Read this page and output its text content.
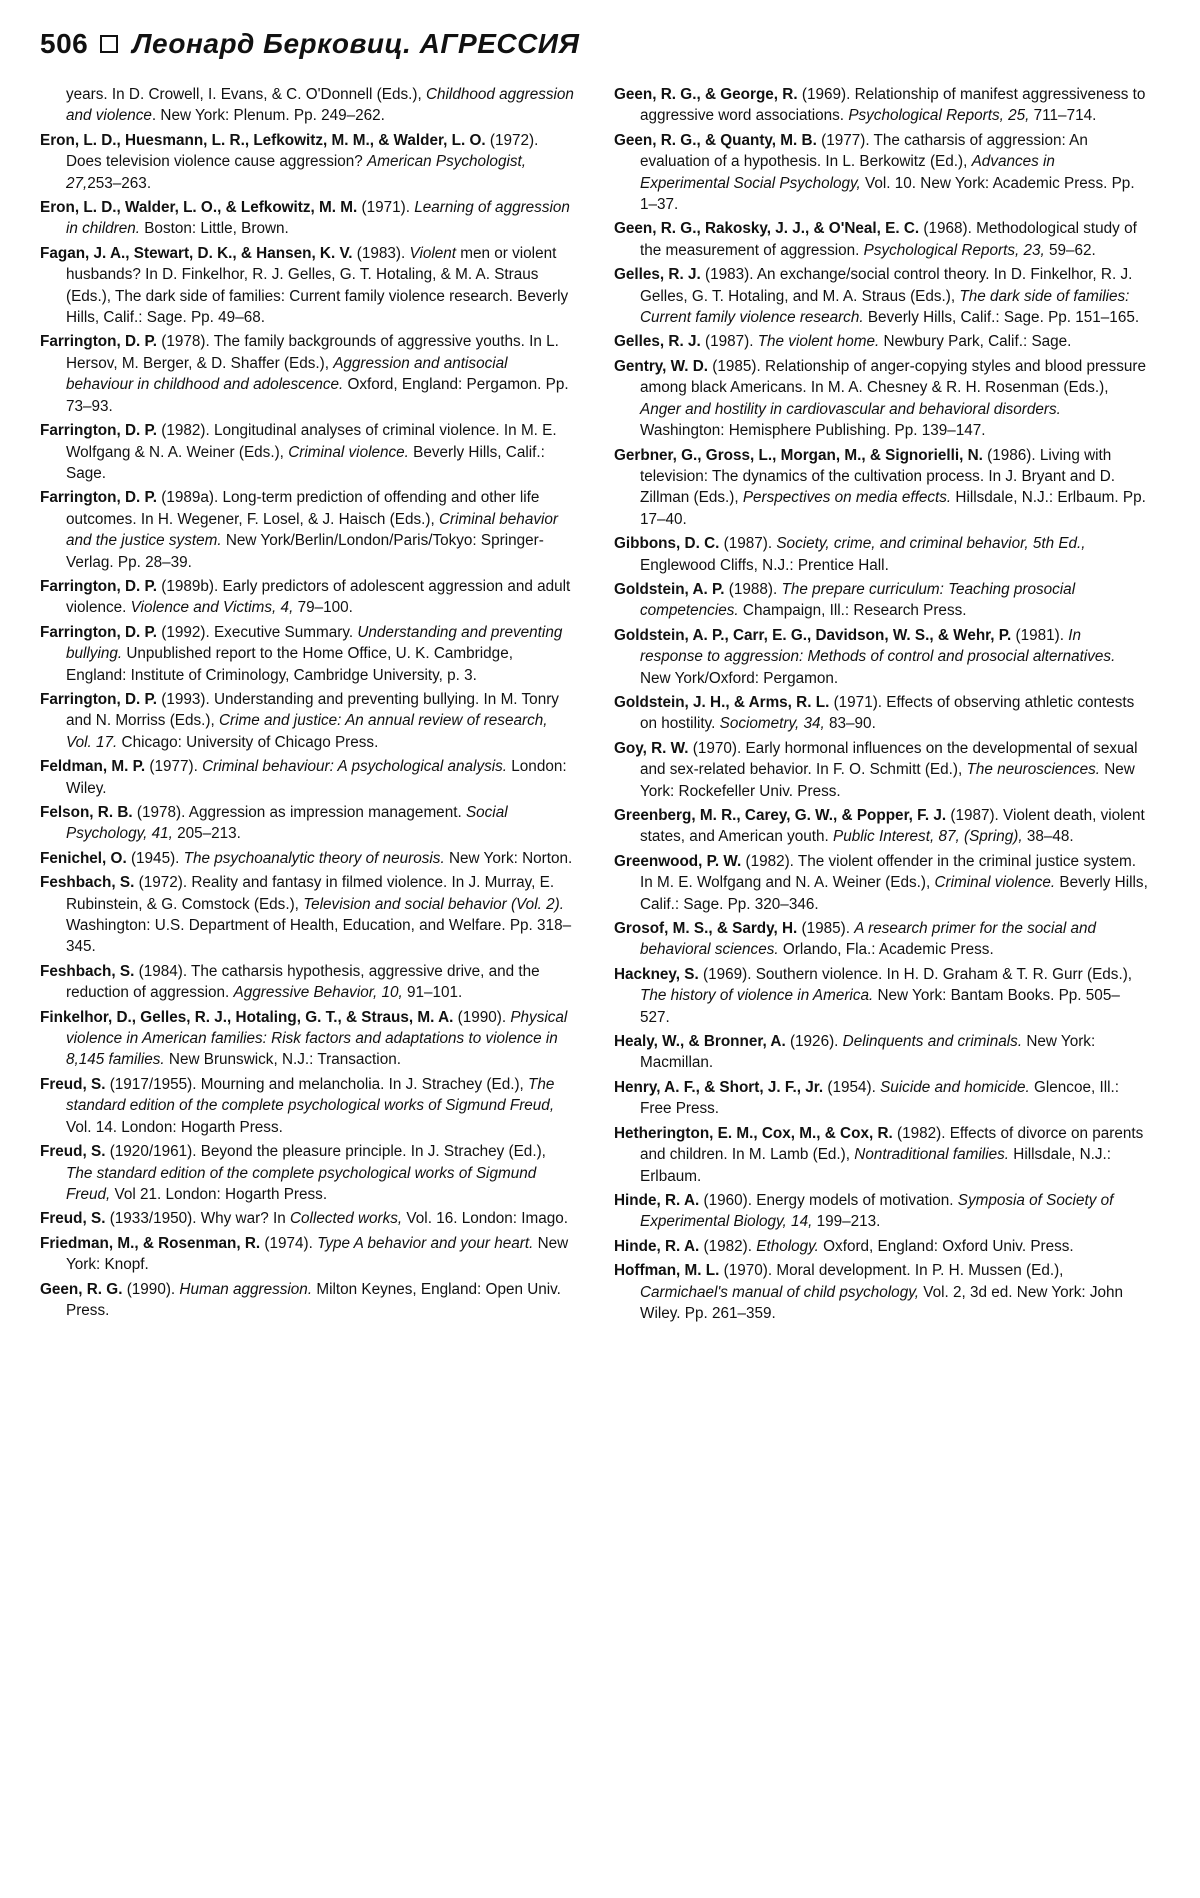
506 Леонард Берковиц. АГРЕССИЯ

years. In D. Crowell, I. Evans, & C. O'Donnell (Eds.), Childhood aggression and violence. New York: Plenum. Pp. 249–262.

Eron, L. D., Huesmann, L. R., Lefkowitz, M. M., & Walder, L. O. (1972). Does television violence cause aggression? American Psychologist, 27,253–263.

Eron, L. D., Walder, L. O., & Lefkowitz, M. M. (1971). Learning of aggression in children. Boston: Little, Brown.

Fagan, J. A., Stewart, D. K., & Hansen, K. V. (1983). Violent men or violent husbands? In D. Finkelhor, R. J. Gelles, G. T. Hotaling, & M. A. Straus (Eds.), The dark side of families: Current family violence research. Beverly Hills, Calif.: Sage. Pp. 49–68.

Farrington, D. P. (1978). The family backgrounds of aggressive youths. In L. Hersov, M. Berger, & D. Shaffer (Eds.), Aggression and antisocial behaviour in childhood and adolescence. Oxford, England: Pergamon. Pp. 73–93.

Farrington, D. P. (1982). Longitudinal analyses of criminal violence. In M. E. Wolfgang & N. A. Weiner (Eds.), Criminal violence. Beverly Hills, Calif.: Sage.

Farrington, D. P. (1989a). Long-term prediction of offending and other life outcomes. In H. Wegener, F. Losel, & J. Haisch (Eds.), Criminal behavior and the justice system. New York/Berlin/London/Paris/Tokyo: Springer-Verlag. Pp. 28–39.

Farrington, D. P. (1989b). Early predictors of adolescent aggression and adult violence. Violence and Victims, 4, 79–100.

Farrington, D. P. (1992). Executive Summary. Understanding and preventing bullying. Unpublished report to the Home Office, U. K. Cambridge, England: Institute of Criminology, Cambridge University, p. 3.

Farrington, D. P. (1993). Understanding and preventing bullying. In M. Tonry and N. Morriss (Eds.), Crime and justice: An annual review of research, Vol. 17. Chicago: University of Chicago Press.

Feldman, M. P. (1977). Criminal behaviour: A psychological analysis. London: Wiley.

Felson, R. B. (1978). Aggression as impression management. Social Psychology, 41, 205–213.

Fenichel, O. (1945). The psychoanalytic theory of neurosis. New York: Norton.

Feshbach, S. (1972). Reality and fantasy in filmed violence. In J. Murray, E. Rubinstein, & G. Comstock (Eds.), Television and social behavior (Vol. 2). Washington: U.S. Department of Health, Education, and Welfare. Pp. 318–345.

Feshbach, S. (1984). The catharsis hypothesis, aggressive drive, and the reduction of aggression. Aggressive Behavior, 10, 91–101.

Finkelhor, D., Gelles, R. J., Hotaling, G. T., & Straus, M. A. (1990). Physical violence in American families: Risk factors and adaptations to violence in 8,145 families. New Brunswick, N.J.: Transaction.

Freud, S. (1917/1955). Mourning and melancholia. In J. Strachey (Ed.), The standard edition of the complete psychological works of Sigmund Freud, Vol. 14. London: Hogarth Press.

Freud, S. (1920/1961). Beyond the pleasure principle. In J. Strachey (Ed.), The standard edition of the complete psychological works of Sigmund Freud, Vol 21. London: Hogarth Press.

Freud, S. (1933/1950). Why war? In Collected works, Vol. 16. London: Imago.

Friedman, M., & Rosenman, R. (1974). Type A behavior and your heart. New York: Knopf.

Geen, R. G. (1990). Human aggression. Milton Keynes, England: Open Univ. Press.

Geen, R. G., & George, R. (1969). Relationship of manifest aggressiveness to aggressive word associations. Psychological Reports, 25, 711–714.

Geen, R. G., & Quanty, M. B. (1977). The catharsis of aggression: An evaluation of a hypothesis. In L. Berkowitz (Ed.), Advances in Experimental Social Psychology, Vol. 10. New York: Academic Press. Pp. 1–37.

Geen, R. G., Rakosky, J. J., & O'Neal, E. C. (1968). Methodological study of the measurement of aggression. Psychological Reports, 23, 59–62.

Gelles, R. J. (1983). An exchange/social control theory. In D. Finkelhor, R. J. Gelles, G. T. Hotaling, and M. A. Straus (Eds.), The dark side of families: Current family violence research. Beverly Hills, Calif.: Sage. Pp. 151–165.

Gelles, R. J. (1987). The violent home. Newbury Park, Calif.: Sage.

Gentry, W. D. (1985). Relationship of anger-copying styles and blood pressure among black Americans. In M. A. Chesney & R. H. Rosenman (Eds.), Anger and hostility in cardiovascular and behavioral disorders. Washington: Hemisphere Publishing. Pp. 139–147.

Gerbner, G., Gross, L., Morgan, M., & Signorielli, N. (1986). Living with television: The dynamics of the cultivation process. In J. Bryant and D. Zillman (Eds.), Perspectives on media effects. Hillsdale, N.J.: Erlbaum. Pp. 17–40.

Gibbons, D. C. (1987). Society, crime, and criminal behavior, 5th Ed., Englewood Cliffs, N.J.: Prentice Hall.

Goldstein, A. P. (1988). The prepare curriculum: Teaching prosocial competencies. Champaign, Ill.: Research Press.

Goldstein, A. P., Carr, E. G., Davidson, W. S., & Wehr, P. (1981). In response to aggression: Methods of control and prosocial alternatives. New York/Oxford: Pergamon.

Goldstein, J. H., & Arms, R. L. (1971). Effects of observing athletic contests on hostility. Sociometry, 34, 83–90.

Goy, R. W. (1970). Early hormonal influences on the developmental of sexual and sex-related behavior. In F. O. Schmitt (Ed.), The neurosciences. New York: Rockefeller Univ. Press.

Greenberg, M. R., Carey, G. W., & Popper, F. J. (1987). Violent death, violent states, and American youth. Public Interest, 87, (Spring), 38–48.

Greenwood, P. W. (1982). The violent offender in the criminal justice system. In M. E. Wolfgang and N. A. Weiner (Eds.), Criminal violence. Beverly Hills, Calif.: Sage. Pp. 320–346.

Grosof, M. S., & Sardy, H. (1985). A research primer for the social and behavioral sciences. Orlando, Fla.: Academic Press.

Hackney, S. (1969). Southern violence. In H. D. Graham & T. R. Gurr (Eds.), The history of violence in America. New York: Bantam Books. Pp. 505–527.

Healy, W., & Bronner, A. (1926). Delinquents and criminals. New York: Macmillan.

Henry, A. F., & Short, J. F., Jr. (1954). Suicide and homicide. Glencoe, Ill.: Free Press.

Hetherington, E. M., Cox, M., & Cox, R. (1982). Effects of divorce on parents and children. In M. Lamb (Ed.), Nontraditional families. Hillsdale, N.J.: Erlbaum.

Hinde, R. A. (1960). Energy models of motivation. Symposia of Society of Experimental Biology, 14, 199–213.

Hinde, R. A. (1982). Ethology. Oxford, England: Oxford Univ. Press.

Hoffman, M. L. (1970). Moral development. In P. H. Mussen (Ed.), Carmichael's manual of child psychology, Vol. 2, 3d ed. New York: John Wiley. Pp. 261–359.
